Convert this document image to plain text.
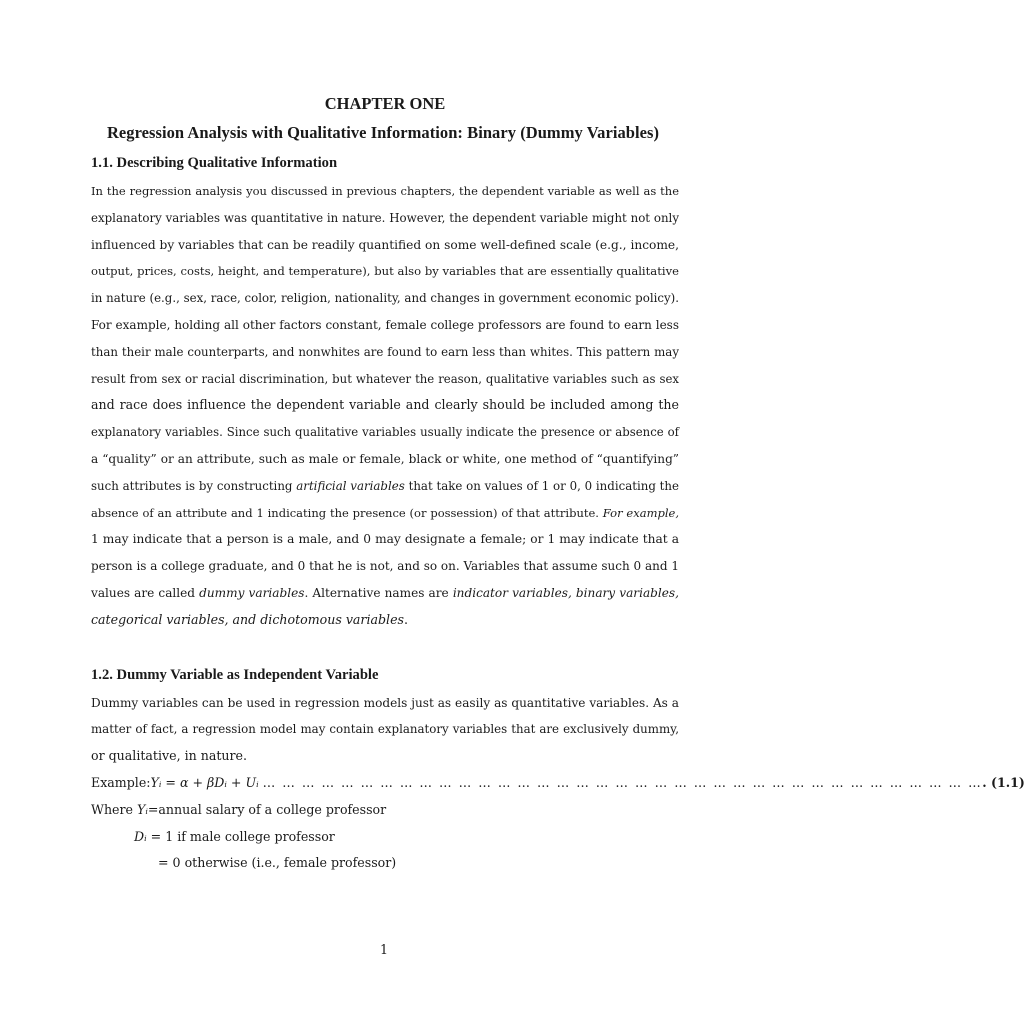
CHAPTER ONE

Regression Analysis with Qualitative Information: Binary (Dummy Variables)

1.1. Describing Qualitative Information

In the regression analysis you discussed in previous chapters, the dependent variable as well as the
explanatory variables was quantitative in nature. However, the dependent variable might not only
influenced by variables that can be readily quantified on some well-defined scale (e.g., income,
output, prices, costs, height, and temperature), but also by variables that are essentially qualitative
in nature (e.g., sex, race, color, religion, nationality, and changes in government economic policy).
For example, holding all other factors constant, female college professors are found to earn less
than their male counterparts, and nonwhites are found to earn less than whites. This pattern may
result from sex or racial discrimination, but whatever the reason, qualitative variables such as sex
and race does influence the dependent variable and clearly should be included among the
explanatory variables. Since such qualitative variables usually indicate the presence or absence of
a “quality” or an attribute, such as male or female, black or white, one method of “quantifying”
such attributes is by constructing artificial variables that take on values of 1 or 0, 0 indicating the
absence of an attribute and 1 indicating the presence (or possession) of that attribute. For example,
1 may indicate that a person is a male, and 0 may designate a female; or 1 may indicate that a
person is a college graduate, and 0 that he is not, and so on. Variables that assume such 0 and 1
values are called dummy variables. Alternative names are indicator variables, binary variables,
categorical variables, and dichotomous variables.

1.2. Dummy Variable as Independent Variable

Dummy variables can be used in regression models just as easily as quantitative variables. As a
matter of fact, a regression model may contain explanatory variables that are exclusively dummy,
or qualitative, in nature.
Example: Yᵢ = α + βDᵢ + Uᵢ
… … … … … … … … … … … … … … … … … … … … … … … … … … … … … … … … … … … … … . (1.1)
Where Yᵢ=annual salary of a college professor
Dᵢ = 1 if male college professor
= 0 otherwise (i.e., female professor)
1
